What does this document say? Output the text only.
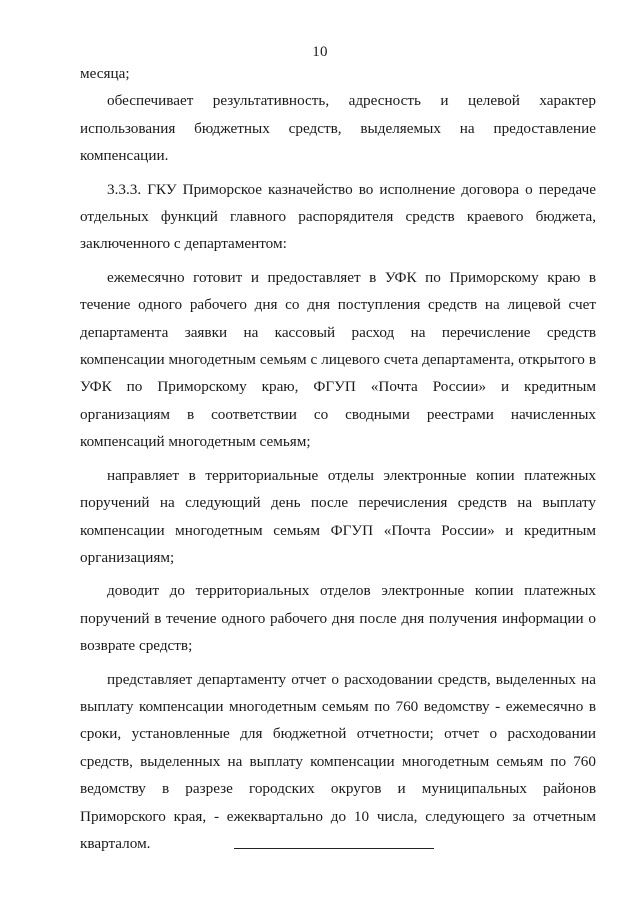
10

месяца;

обеспечивает результативность, адресность и целевой характер использования бюджетных средств, выделяемых на предоставление компенсации.

3.3.3. ГКУ Приморское казначейство во исполнение договора о передаче отдельных функций главного распорядителя средств краевого бюджета, заключенного с департаментом:

ежемесячно готовит и предоставляет в УФК по Приморскому краю в течение одного рабочего дня со дня поступления средств на лицевой счет департамента заявки на кассовый расход на перечисление средств компенсации многодетным семьям с лицевого счета департамента, открытого в УФК по Приморскому краю, ФГУП «Почта России» и кредитным организациям в соответствии со сводными реестрами начисленных компенсаций многодетным семьям;

направляет в территориальные отделы электронные копии платежных поручений на следующий день после перечисления средств на выплату компенсации многодетным семьям ФГУП «Почта России» и кредитным организациям;

доводит до территориальных отделов электронные копии платежных поручений в течение одного рабочего дня после дня получения информации о возврате средств;

представляет департаменту отчет о расходовании средств, выделенных на выплату компенсации многодетным семьям по 760 ведомству - ежемесячно в сроки, установленные для бюджетной отчетности; отчет о расходовании средств, выделенных на выплату компенсации многодетным семьям по 760 ведомству в разрезе городских округов и муниципальных районов Приморского края, - ежеквартально до 10 числа, следующего за отчетным кварталом.
